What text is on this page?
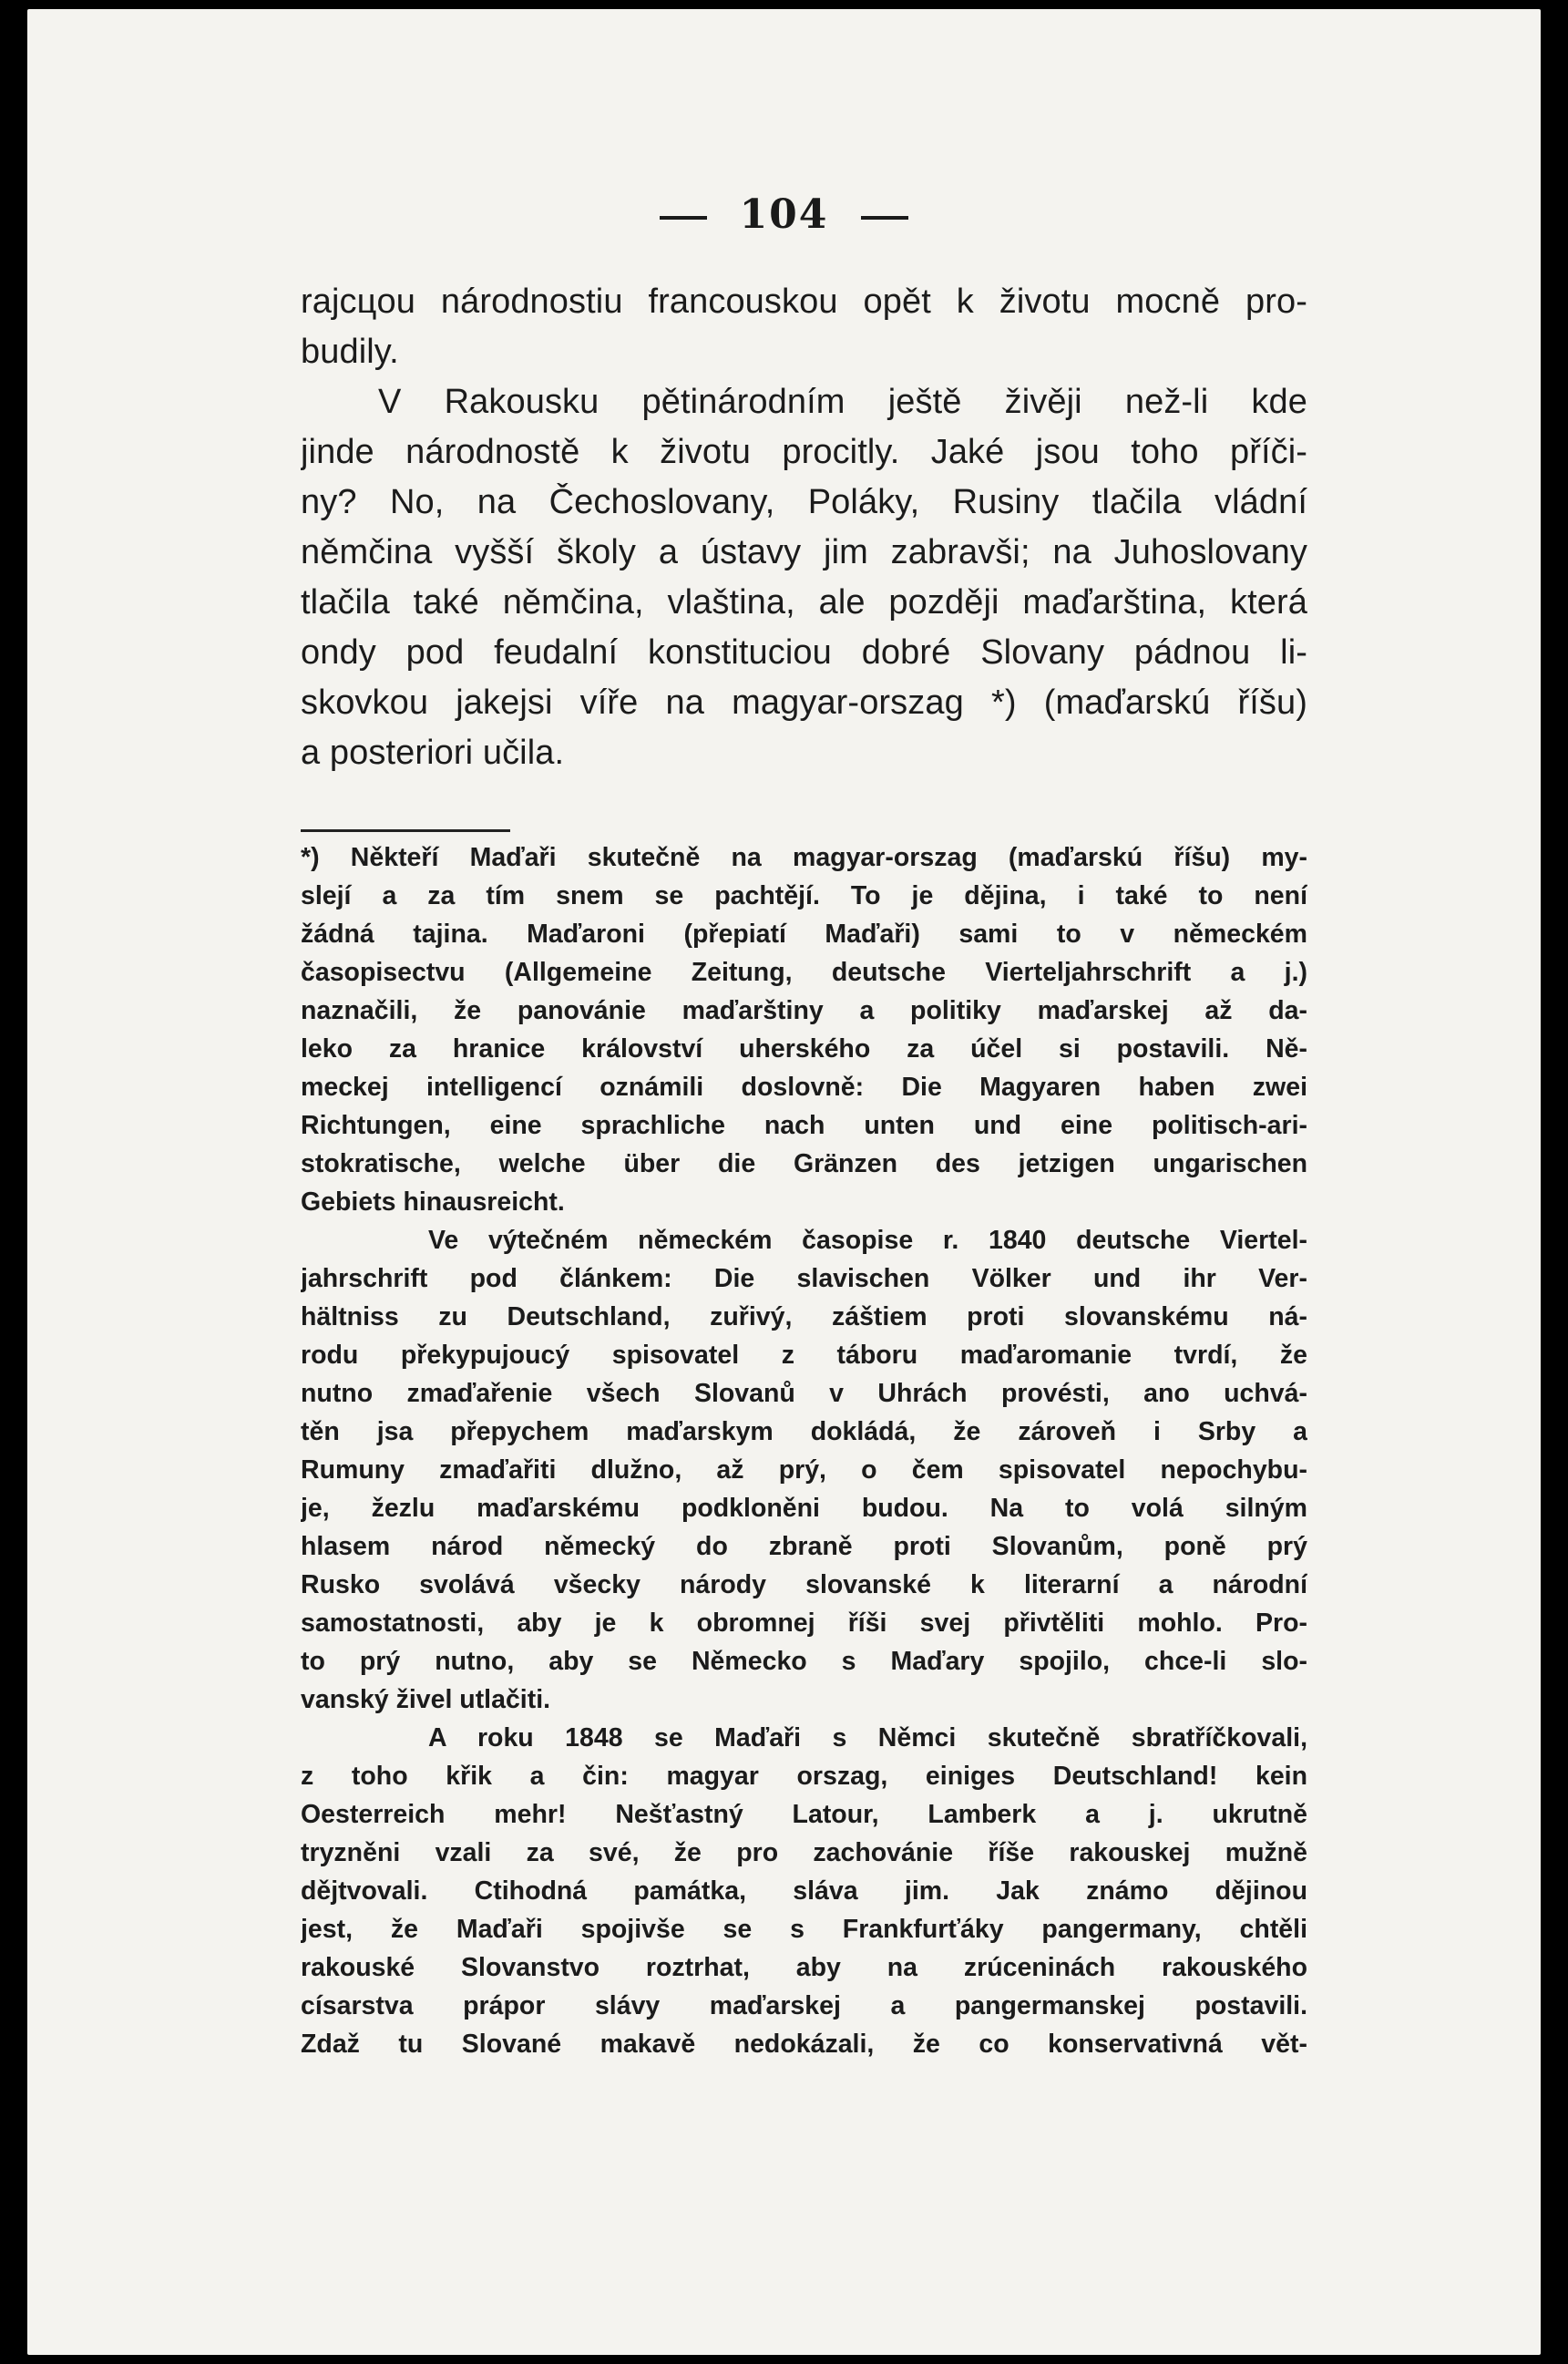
104
rajcцou národnostiu francouskou opět k životu mocně pro-
budily.
V Rakousku pětinárodním ještě živěji než-li kde
jinde národnostě k životu procitly. Jaké jsou toho příči-
ny? No, na Čechoslovany, Poláky, Rusiny tlačila vládní
němčina vyšší školy a ústavy jim zabravši; na Juhoslovany
tlačila také němčina, vlaština, ale později maďarština, která
ondy pod feudalní konstituciou dobré Slovany pádnou li-
skovkou jakejsi víře na magyar-orszag *) (maďarskú říšu)
a posteriori učila.
*) Někteří Maďaři skutečně na magyar-orszag (maďarskú říšu) my-
slejí a za tím snem se pachtějí. To je dějina, i také to není
žádná tajina. Maďaroni (přepiatí Maďaři) sami to v německém
časopisectvu (Allgemeine Zeitung, deutsche Vierteljahrschrift a j.)
naznačili, že panovánie maďarštiny a politiky maďarskej až da-
leko za hranice království uherského za účel si postavili. Ně-
meckej intelligencí oznámili doslovně: Die Magyaren haben zwei
Richtungen, eine sprachliche nach unten und eine politisch-ari-
stokratische, welche über die Gränzen des jetzigen ungarischen
Gebiets hinausreicht.
Ve výtečném německém časopise r. 1840 deutsche Viertel-
jahrschrift pod článkem: Die slavischen Völker und ihr Ver-
hältniss zu Deutschland, zuřivý, záštiem proti slovanskému ná-
rodu překypujoucý spisovatel z táboru maďaromanie tvrdí, že
nutno zmaďařenie všech Slovanů v Uhrách provésti, ano uchvá-
těn jsa přepychem maďarskym dokládá, že zároveň i Srby a
Rumuny zmaďařiti dlužno, až prý, o čem spisovatel nepochybu-
je, žezlu maďarskému podkloněni budou. Na to volá silným
hlasem národ německý do zbraně proti Slovanům, poně prý
Rusko svolává všecky národy slovanské k literarní a národní
samostatnosti, aby je k obromnej říši svej přivtěliti mohlo. Pro-
to prý nutno, aby se Německo s Maďary spojilo, chce-li slo-
vanský živel utlačiti.
A roku 1848 se Maďaři s Němci skutečně sbratříčkovali,
z toho křik a čin: magyar orszag, einiges Deutschland! kein
Oesterreich mehr! Nešťastný Latour, Lamberk a j. ukrutně
tryzněni vzali za své, že pro zachovánie říše rakouskej mužně
dějtvovali. Ctihodná památka, sláva jim. Jak známo dějinou
jest, že Maďaři spojivše se s Frankfurťáky pangermany, chtěli
rakouské Slovanstvo roztrhat, aby na zrúceninách rakouského
císarstva prápor slávy maďarskej a pangermanskej postavili.
Zdaž tu Slované makavě nedokázali, že co konservativná vět-
